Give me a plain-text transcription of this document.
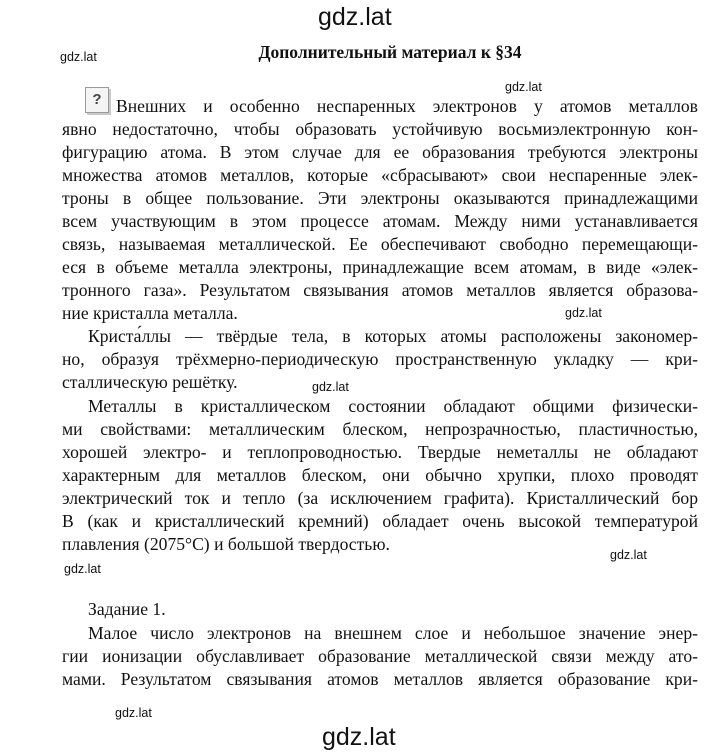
gdz.lat
gdz.lat	Дополнительный материал к §34
gdz.lat
? Внешних и особенно неспаренных электронов у атомов металлов
явно недостаточно, чтобы образовать устойчивую восьмиэлектронную кон-
фигурацию атома. В этом случае для ее образования требуются электроны
множества атомов металлов, которые «сбрасывают» свои неспаренные элек-
троны в общее пользование. Эти электроны оказываются принадлежащими
всем участвующим в этом процессе атомам. Между ними устанавливается
связь, называемая металлической. Ее обеспечивают свободно перемещающи-
еся в объеме металла электроны, принадлежащие всем атомам, в виде «элек-
тронного газа». Результатом связывания атомов металлов является образова-
ние кристалла металла.	gdz.lat
Криста́ллы — твёрдые тела, в которых атомы расположены закономер-
но, образуя трёхмерно-периодическую пространственную укладку — кри-
сталлическую решётку.	gdz.lat
Металлы в кристаллическом состоянии обладают общими физически-
ми свойствами: металлическим блеском, непрозрачностью, пластичностью,
хорошей электро- и теплопроводностью. Твердые неметаллы не обладают
характерным для металлов блеском, они обычно хрупки, плохо проводят
электрический ток и тепло (за исключением графита). Кристаллический бор
В (как и кристаллический кремний) обладает очень высокой температурой
плавления (2075°С) и большой твердостью.
gdz.lat
gdz.lat
Задание 1.
Малое число электронов на внешнем слое и небольшое значение энер-
гии ионизации обуславливает образование металлической связи между ато-
мами. Результатом связывания атомов металлов является образование кри-
gdz.lat
gdz.lat
